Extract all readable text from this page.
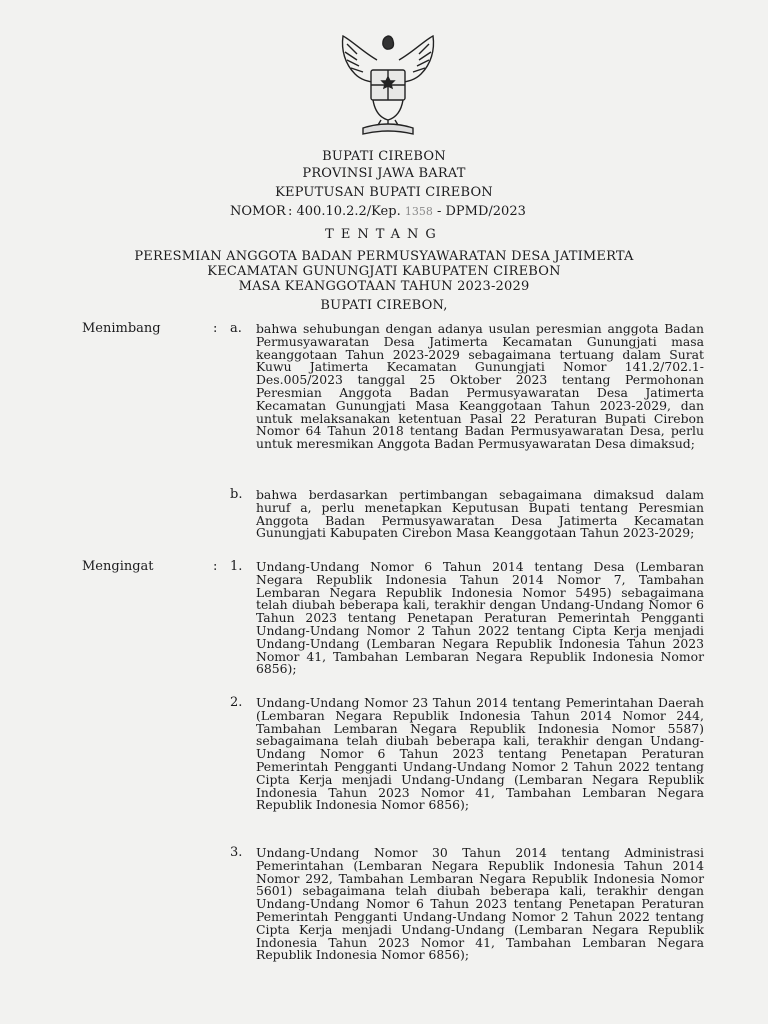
BUPATI CIREBON
PROVINSI JAWA BARAT
KEPUTUSAN BUPATI CIREBON
NOMOR : 400.10.2.2/Kep. 1358 - DPMD/2023
TENTANG
PERESMIAN ANGGOTA BADAN PERMUSYAWARATAN DESA JATIMERTA
KECAMATAN GUNUNGJATI KABUPATEN CIREBON
MASA KEANGGOTAAN TAHUN 2023-2029
BUPATI CIREBON,
Menimbang	: a. bahwa sehubungan dengan adanya usulan peresmian anggota Badan Permusyawaratan Desa Jatimerta Kecamatan Gunungjati masa keanggotaan Tahun 2023-2029 sebagaimana tertuang dalam Surat Kuwu Jatimerta Kecamatan Gunungjati Nomor 141.2/702.1-Des.005/2023 tanggal 25 Oktober 2023 tentang Permohonan Peresmian Anggota Badan Permusyawaratan Desa Jatimerta Kecamatan Gunungjati Masa Keanggotaan Tahun 2023-2029, dan untuk melaksanakan ketentuan Pasal 22 Peraturan Bupati Cirebon Nomor 64 Tahun 2018 tentang Badan Permusyawaratan Desa, perlu untuk meresmikan Anggota Badan Permusyawaratan Desa dimaksud;
b. bahwa berdasarkan pertimbangan sebagaimana dimaksud dalam huruf a, perlu menetapkan Keputusan Bupati tentang Peresmian Anggota Badan Permusyawaratan Desa Jatimerta Kecamatan Gunungjati Kabupaten Cirebon Masa Keanggotaan Tahun 2023-2029;
Mengingat	: 1. Undang-Undang Nomor 6 Tahun 2014 tentang Desa (Lembaran Negara Republik Indonesia Tahun 2014 Nomor 7, Tambahan Lembaran Negara Republik Indonesia Nomor 5495) sebagaimana telah diubah beberapa kali, terakhir dengan Undang-Undang Nomor 6 Tahun 2023 tentang Penetapan Peraturan Pemerintah Pengganti Undang-Undang Nomor 2 Tahun 2022 tentang Cipta Kerja menjadi Undang-Undang (Lembaran Negara Republik Indonesia Tahun 2023 Nomor 41, Tambahan Lembaran Negara Republik Indonesia Nomor 6856);
2. Undang-Undang Nomor 23 Tahun 2014 tentang Pemerintahan Daerah (Lembaran Negara Republik Indonesia Tahun 2014 Nomor 244, Tambahan Lembaran Negara Republik Indonesia Nomor 5587) sebagaimana telah diubah beberapa kali, terakhir dengan Undang-Undang Nomor 6 Tahun 2023 tentang Penetapan Peraturan Pemerintah Pengganti Undang-Undang Nomor 2 Tahun 2022 tentang Cipta Kerja menjadi Undang-Undang (Lembaran Negara Republik Indonesia Tahun 2023 Nomor 41, Tambahan Lembaran Negara Republik Indonesia Nomor 6856);
3. Undang-Undang Nomor 30 Tahun 2014 tentang Administrasi Pemerintahan (Lembaran Negara Republik Indonesia Tahun 2014 Nomor 292, Tambahan Lembaran Negara Republik Indonesia Nomor 5601) sebagaimana telah diubah beberapa kali, terakhir dengan Undang-Undang Nomor 6 Tahun 2023 tentang Penetapan Peraturan Pemerintah Pengganti Undang-Undang Nomor 2 Tahun 2022 tentang Cipta Kerja menjadi Undang-Undang (Lembaran Negara Republik Indonesia Tahun 2023 Nomor 41, Tambahan Lembaran Negara Republik Indonesia Nomor 6856);
